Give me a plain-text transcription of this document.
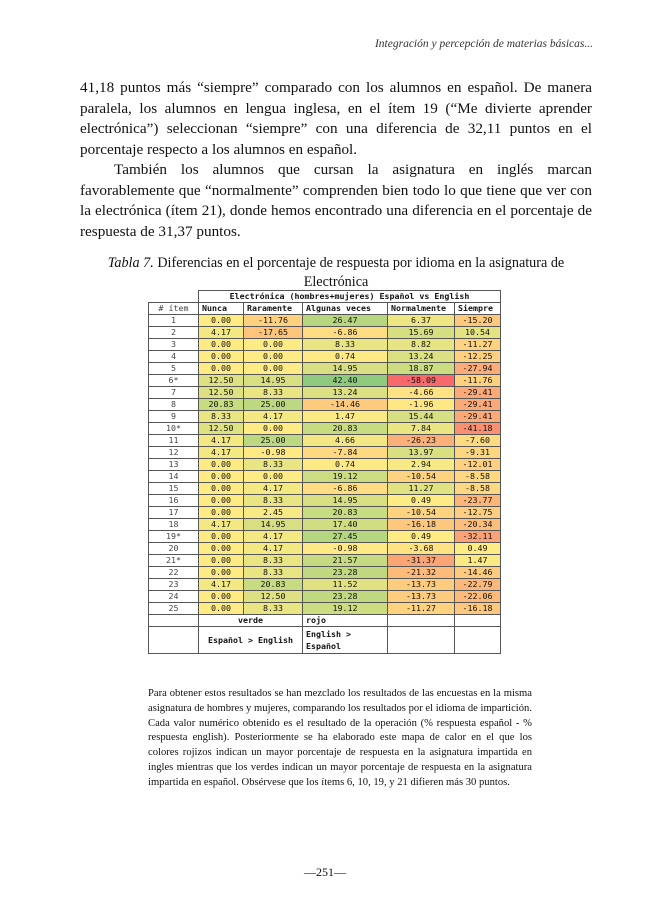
Integración y percepción de materias básicas...

41,18 puntos más “siempre” comparado con los alumnos en español. De manera paralela, los alumnos en lengua inglesa, en el ítem 19 (“Me divierte aprender electrónica”) seleccionan “siempre” con una diferencia de 32,11 puntos en el porcentaje respecto a los alumnos en español.

También los alumnos que cursan la asignatura en inglés marcan favorablemente que “normalmente” comprenden bien todo lo que tiene que ver con la electrónica (ítem 21), donde hemos encontrado una diferencia en el porcentaje de respuesta de 31,37 puntos.

Tabla 7. Diferencias en el porcentaje de respuesta por idioma en la asignatura de Electrónica
	Electrónica (hombres+mujeres) Español vs English				
# ítem	Nunca	Raramente	Algunas veces	Normalmente	Siempre
1	0.00	-11.76	26.47	6.37	-15.20
2	4.17	-17.65	-6.86	15.69	10.54
3	0.00	0.00	8.33	8.82	-11.27
4	0.00	0.00	0.74	13.24	-12.25
5	0.00	0.00	14.95	18.87	-27.94
6*	12.50	14.95	42.40	-58.09	-11.76
7	12.50	8.33	13.24	-4.66	-29.41
8	20.83	25.00	-14.46	-1.96	-29.41
9	8.33	4.17	1.47	15.44	-29.41
10*	12.50	0.00	20.83	7.84	-41.18
11	4.17	25.00	4.66	-26.23	-7.60
12	4.17	-0.98	-7.84	13.97	-9.31
13	0.00	8.33	0.74	2.94	-12.01
14	0.00	0.00	19.12	-10.54	-8.58
15	0.00	4.17	-6.86	11.27	-8.58
16	0.00	8.33	14.95	0.49	-23.77
17	0.00	2.45	20.83	-10.54	-12.75
18	4.17	14.95	17.40	-16.18	-20.34
19*	0.00	4.17	27.45	0.49	-32.11
20	0.00	4.17	-0.98	-3.68	0.49
21*	0.00	8.33	21.57	-31.37	1.47
22	0.00	8.33	23.28	-21.32	-14.46
23	4.17	20.83	11.52	-13.73	-22.79
24	0.00	12.50	23.28	-13.73	-22.06
25	0.00	8.33	19.12	-11.27	-16.18
	verde		rojo		
	Español > English		English > Español		

Para obtener estos resultados se han mezclado los resultados de las encuestas en la misma asignatura de hombres y mujeres, comparando los resultados por el idioma de impartición. Cada valor numérico obtenido es el resultado de la operación (% respuesta español - % respuesta english). Posteriormente se ha elaborado este mapa de calor en el que los colores rojizos indican un mayor porcentaje de respuesta en la asignatura impartida en ingles mientras que los verdes indican un mayor porcentaje de respuesta en la asignatura impartida en español. Obsérvese que los ítems 6, 10, 19, y 21 difieren más 30 puntos.

—251—
